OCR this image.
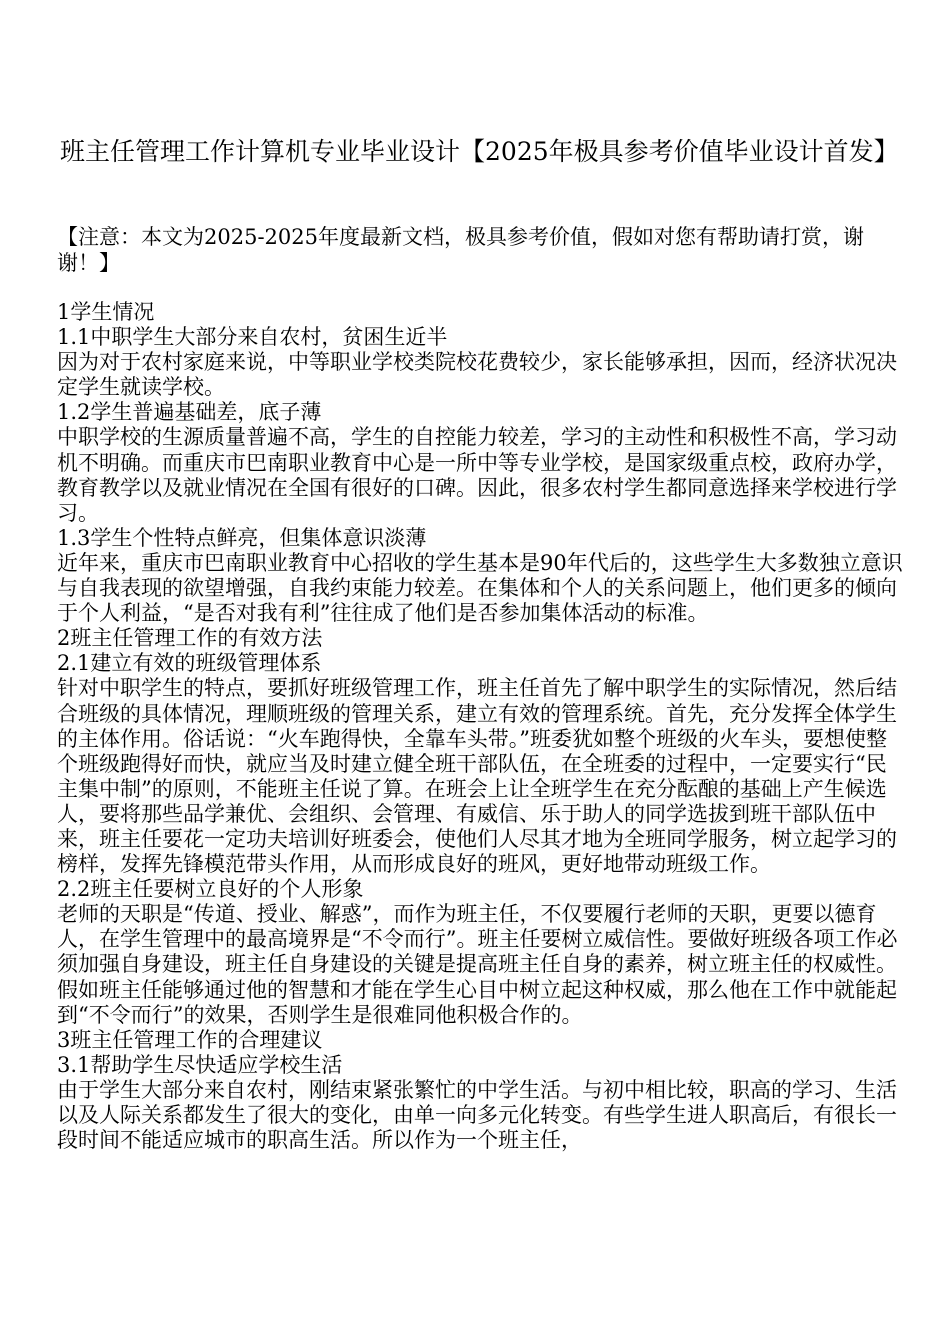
班主任管理工作计算机专业毕业设计【2025年极具参考价值毕业设计首发】
【注意：本文为2025-2025年度最新文档，极具参考价值，假如对您有帮助请打赏，谢谢！】

1学生情况

1.1中职学生大部分来自农村，贫困生近半

因为对于农村家庭来说，中等职业学校类院校花费较少，家长能够承担，因而，经济状况决定学生就读学校。

1.2学生普遍基础差，底子薄

中职学校的生源质量普遍不高，学生的自控能力较差，学习的主动性和积极性不高，学习动机不明确。而重庆市巴南职业教育中心是一所中等专业学校，是国家级重点校，政府办学，教育教学以及就业情况在全国有很好的口碑。因此，很多农村学生都同意选择来学校进行学习。

1.3学生个性特点鲜亮，但集体意识淡薄

近年来，重庆市巴南职业教育中心招收的学生基本是90年代后的，这些学生大多数独立意识与自我表现的欲望增强，自我约束能力较差。在集体和个人的关系问题上，他们更多的倾向于个人利益，“是否对我有利”往往成了他们是否参加集体活动的标准。

2班主任管理工作的有效方法

2.1建立有效的班级管理体系

针对中职学生的特点，要抓好班级管理工作，班主任首先了解中职学生的实际情况，然后结合班级的具体情况，理顺班级的管理关系，建立有效的管理系统。首先，充分发挥全体学生的主体作用。俗话说：“火车跑得快，全靠车头带。”班委犹如整个班级的火车头，要想使整个班级跑得好而快，就应当及时建立健全班干部队伍，在全班委的过程中，一定要实行“民主集中制”的原则，不能班主任说了算。在班会上让全班学生在充分酝酿的基础上产生候选人，要将那些品学兼优、会组织、会管理、有威信、乐于助人的同学选拔到班干部队伍中来，班主任要花一定功夫培训好班委会，使他们人尽其才地为全班同学服务，树立起学习的榜样，发挥先锋模范带头作用，从而形成良好的班风，更好地带动班级工作。

2.2班主任要树立良好的个人形象

老师的天职是“传道、授业、解惑”，而作为班主任，不仅要履行老师的天职，更要以德育人，在学生管理中的最高境界是“不令而行”。班主任要树立威信性。要做好班级各项工作必须加强自身建设，班主任自身建设的关键是提高班主任自身的素养，树立班主任的权威性。假如班主任能够通过他的智慧和才能在学生心目中树立起这种权威，那么他在工作中就能起到“不令而行”的效果，否则学生是很难同他积极合作的。

3班主任管理工作的合理建议

3.1帮助学生尽快适应学校生活

由于学生大部分来自农村，刚结束紧张繁忙的中学生活。与初中相比较，职高的学习、生活以及人际关系都发生了很大的变化，由单一向多元化转变。有些学生进人职高后，有很长一段时间不能适应城市的职高生活。所以作为一个班主任，
